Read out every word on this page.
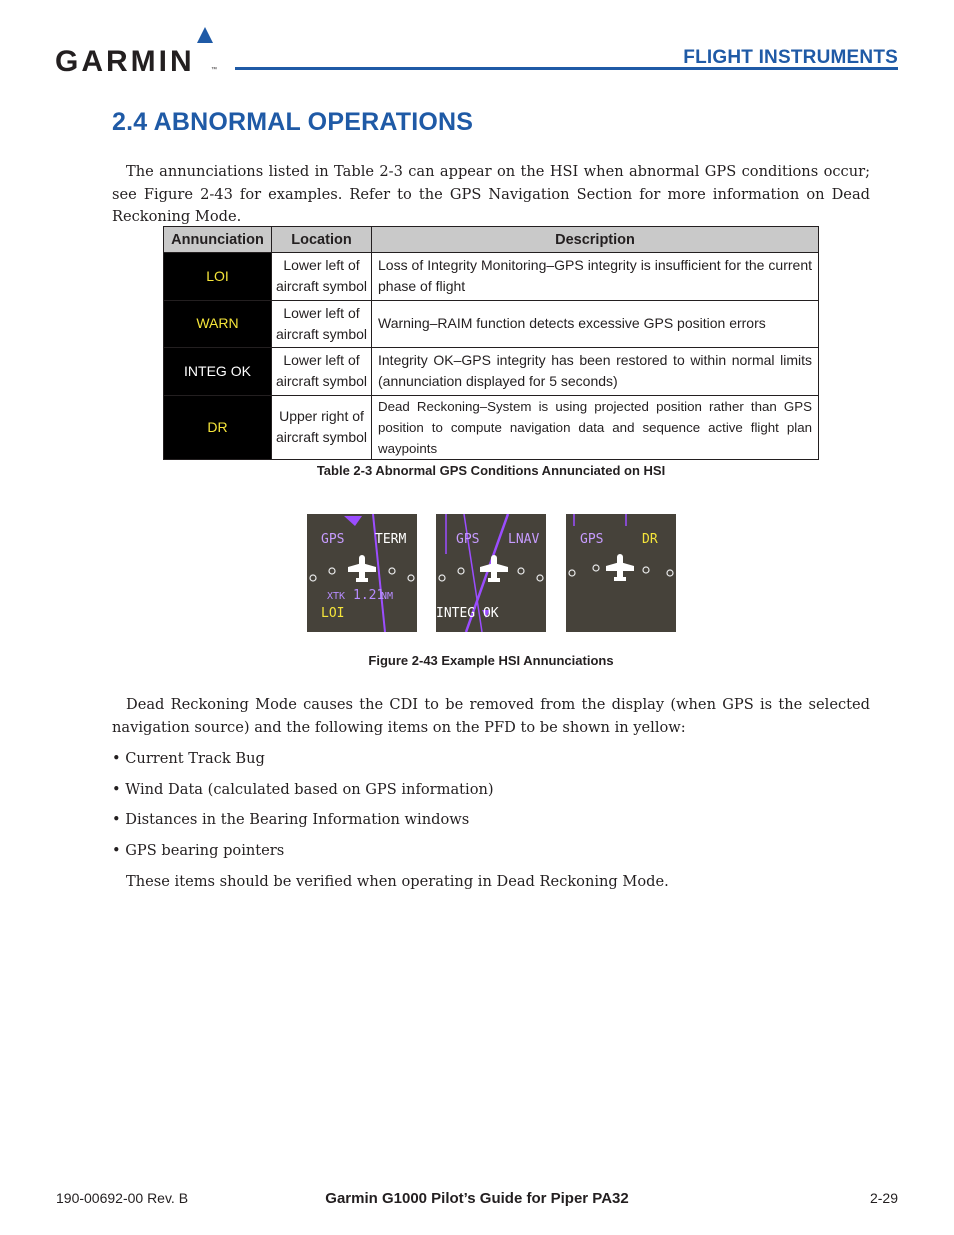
GARMIN	™
FLIGHT INSTRUMENTS
2.4 ABNORMAL OPERATIONS
The annunciations listed in Table 2-3 can appear on the HSI when abnormal GPS conditions occur; see Figure 2-43 for examples. Refer to the GPS Navigation Section for more information on Dead Reckoning Mode.
Annunciation	Location	Description
LOI	Lower left of aircraft symbol	Loss of Integrity Monitoring–GPS integrity is insufficient for the current phase of flight
WARN	Lower left of aircraft symbol	Warning–RAIM function detects excessive GPS position errors
INTEG OK	Lower left of aircraft symbol	Integrity OK–GPS integrity has been restored to within normal limits (annunciation displayed for 5 seconds)
DR	Upper right of aircraft symbol	Dead Reckoning–System is using projected position rather than GPS position to compute navigation data and sequence active flight plan waypoints
Table 2-3 Abnormal GPS Conditions Annunciated on HSI
GPS TERM
XTK 1.21
NM
LOI
GPS LNAV
INTEG OK
GPS	DR
Figure 2-43 Example HSI Annunciations
Dead Reckoning Mode causes the CDI to be removed from the display (when GPS is the selected navigation source) and the following items on the PFD to be shown in yellow:
• Current Track Bug
• Wind Data (calculated based on GPS information)
• Distances in the Bearing Information windows
• GPS bearing pointers
These items should be verified when operating in Dead Reckoning Mode.
190-00692-00 Rev. B	Garmin G1000 Pilot’s Guide for Piper PA32	2-29
